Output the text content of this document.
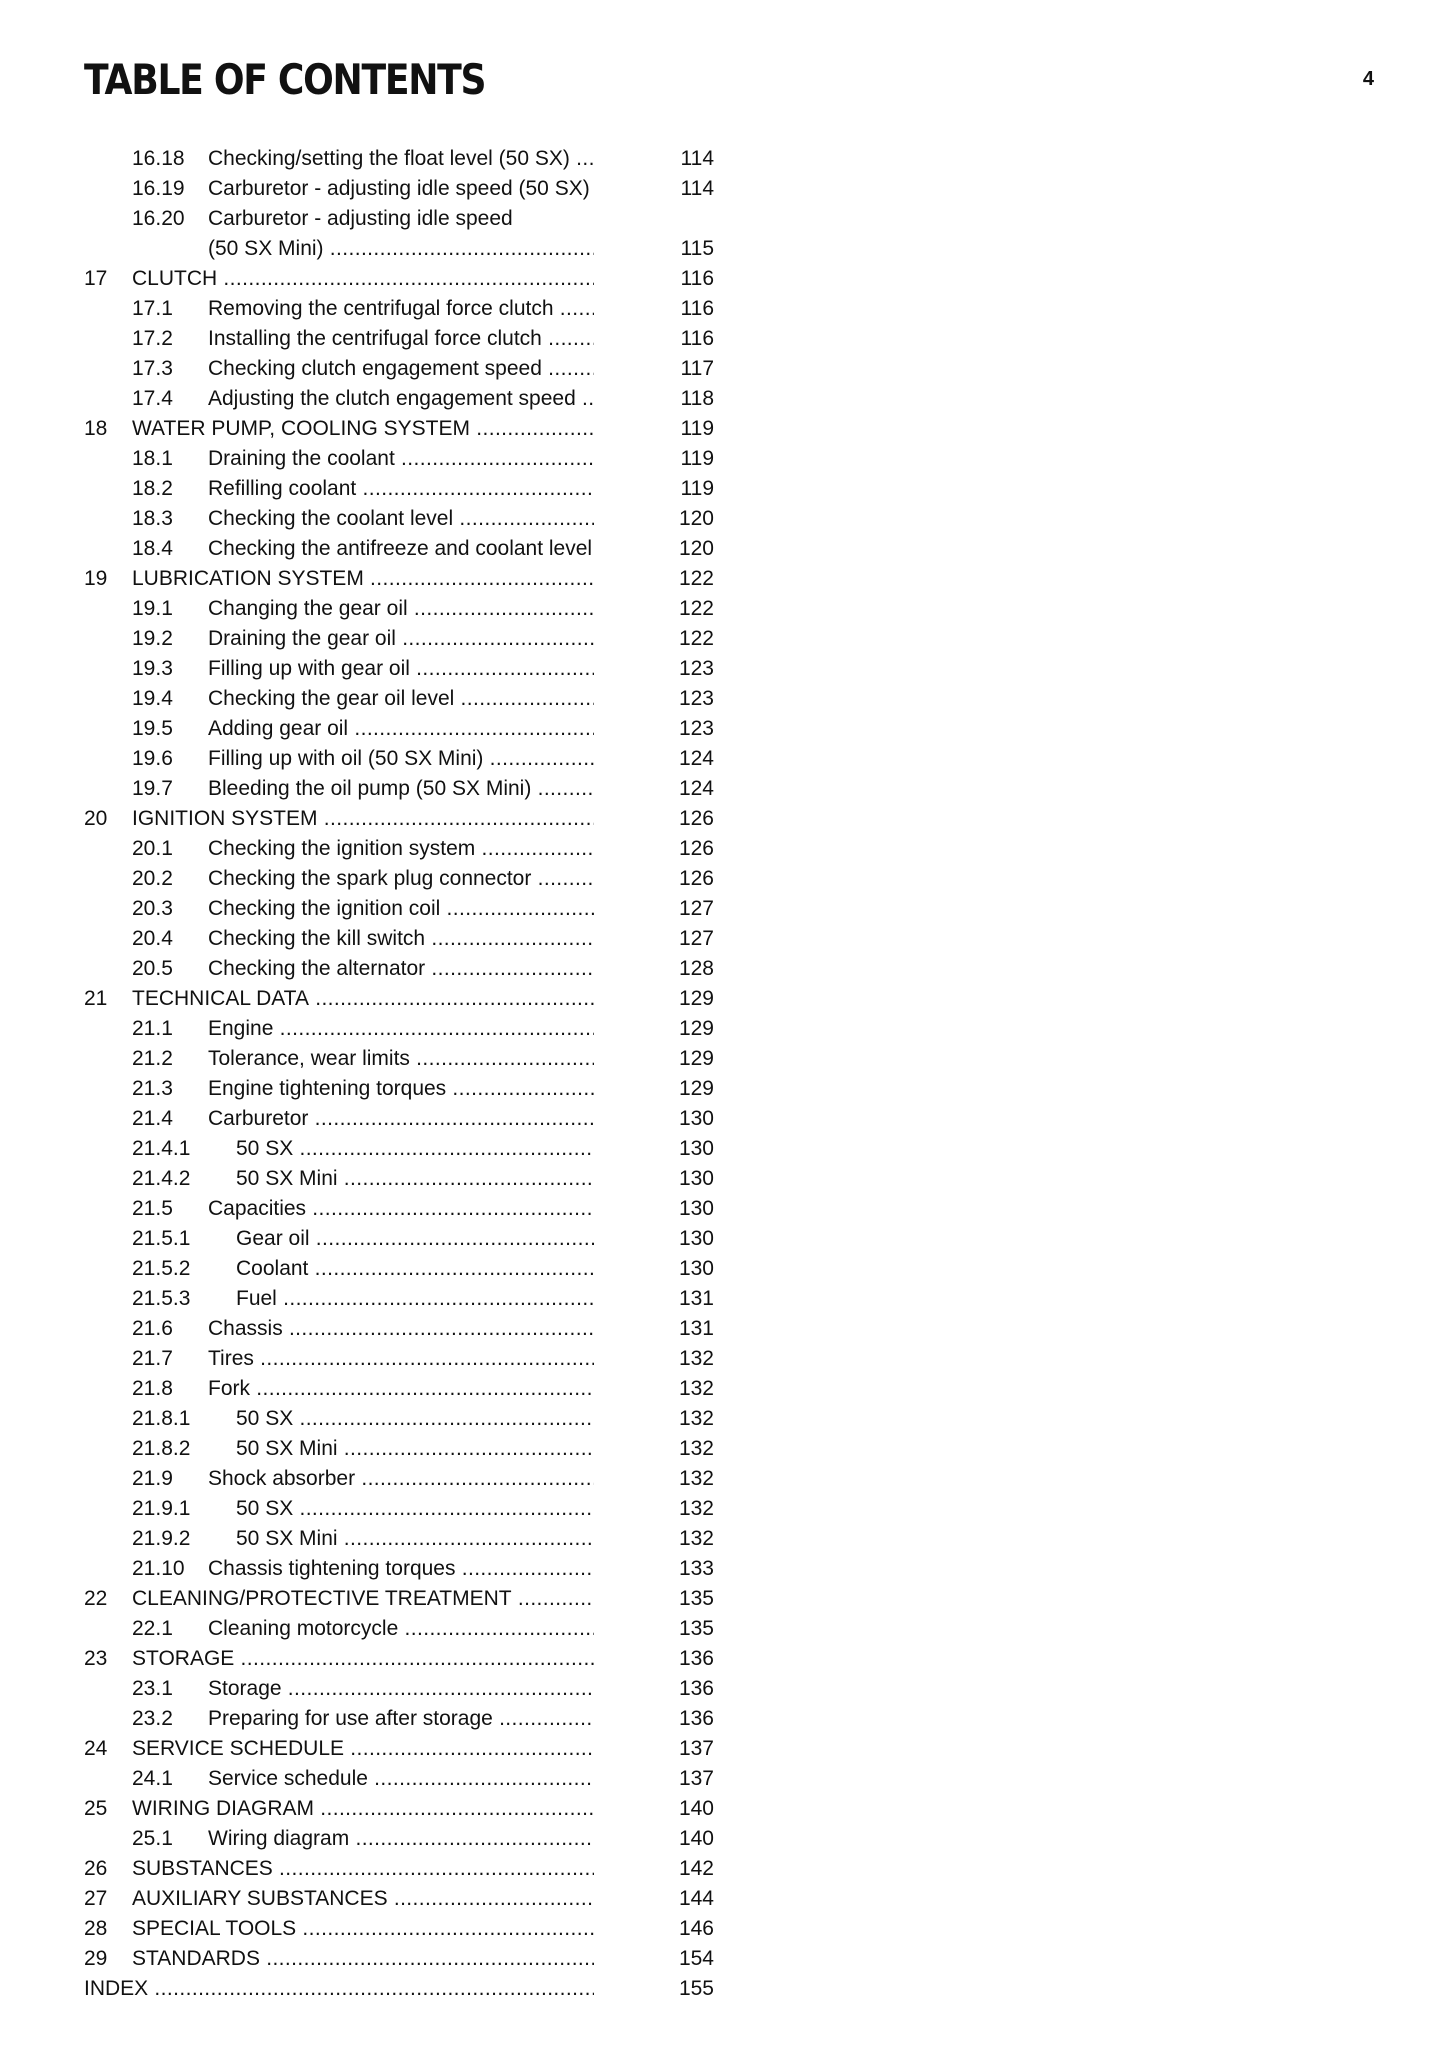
TABLE OF CONTENTS	4
16.18 Checking/setting the float level (50 SX) .....	114
16.19 Carburetor - adjusting idle speed (50 SX) .....	114
16.20 Carburetor - adjusting idle speed
(50 SX Mini) .....	115
17 CLUTCH .....	116
17.1 Removing the centrifugal force clutch .....	116
17.2 Installing the centrifugal force clutch .....	116
17.3 Checking clutch engagement speed .....	117
17.4 Adjusting the clutch engagement speed .....	118
18 WATER PUMP, COOLING SYSTEM .....	119
18.1 Draining the coolant .....	119
18.2 Refilling coolant .....	119
18.3 Checking the coolant level .....	120
18.4 Checking the antifreeze and coolant level .....	120
19 LUBRICATION SYSTEM .....	122
19.1 Changing the gear oil .....	122
19.2 Draining the gear oil .....	122
19.3 Filling up with gear oil .....	123
19.4 Checking the gear oil level .....	123
19.5 Adding gear oil .....	123
19.6 Filling up with oil (50 SX Mini) .....	124
19.7 Bleeding the oil pump (50 SX Mini) .....	124
20 IGNITION SYSTEM .....	126
20.1 Checking the ignition system .....	126
20.2 Checking the spark plug connector .....	126
20.3 Checking the ignition coil .....	127
20.4 Checking the kill switch .....	127
20.5 Checking the alternator .....	128
21 TECHNICAL DATA .....	129
21.1 Engine .....	129
21.2 Tolerance, wear limits .....	129
21.3 Engine tightening torques .....	129
21.4 Carburetor .....	130
21.4.1 50 SX .....	130
21.4.2 50 SX Mini .....	130
21.5 Capacities .....	130
21.5.1 Gear oil .....	130
21.5.2 Coolant .....	130
21.5.3 Fuel .....	131
21.6 Chassis .....	131
21.7 Tires .....	132
21.8 Fork .....	132
21.8.1 50 SX .....	132
21.8.2 50 SX Mini .....	132
21.9 Shock absorber .....	132
21.9.1 50 SX .....	132
21.9.2 50 SX Mini .....	132
21.10 Chassis tightening torques .....	133
22 CLEANING/PROTECTIVE TREATMENT .....	135
22.1 Cleaning motorcycle .....	135
23 STORAGE .....	136
23.1 Storage .....	136
23.2 Preparing for use after storage .....	136
24 SERVICE SCHEDULE .....	137
24.1 Service schedule .....	137
25 WIRING DIAGRAM .....	140
25.1 Wiring diagram .....	140
26 SUBSTANCES .....	142
27 AUXILIARY SUBSTANCES .....	144
28 SPECIAL TOOLS .....	146
29 STANDARDS .....	154
INDEX .....	155
